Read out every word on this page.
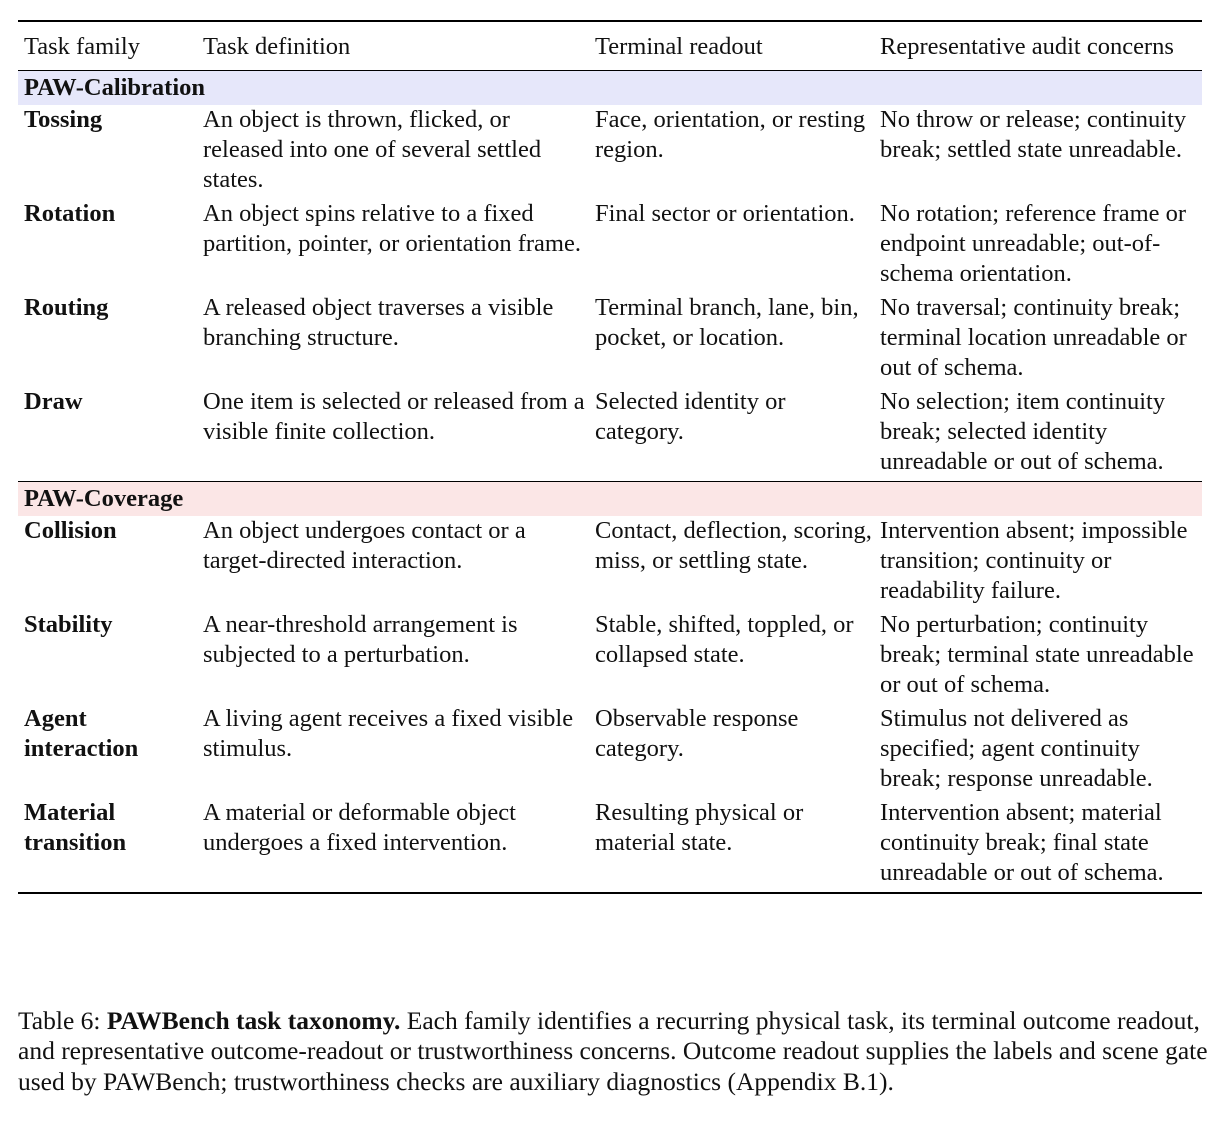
Task family	Task definition	Terminal readout	Representative audit concerns
PAW-Calibration			
Tossing	An object is thrown, flicked, or released into one of several settled states.	Face, orientation, or resting region.	No throw or release; continuity break; settled state unreadable.
Rotation	An object spins relative to a fixed partition, pointer, or orientation frame.	Final sector or orientation.	No rotation; reference frame or endpoint unreadable; out-of-schema orientation.
Routing	A released object traverses a visible branching structure.	Terminal branch, lane, bin, pocket, or location.	No traversal; continuity break; terminal location unreadable or out of schema.
Draw	One item is selected or released from a visible finite collection.	Selected identity or category.	No selection; item continuity break; selected identity unreadable or out of schema.

PAW-Coverage			
Collision	An object undergoes contact or a target-directed interaction.	Contact, deflection, scoring, miss, or settling state.	Intervention absent; impossible transition; continuity or readability failure.
Stability	A near-threshold arrangement is subjected to a perturbation.	Stable, shifted, toppled, or collapsed state.	No perturbation; continuity break; terminal state unreadable or out of schema.
Agent interaction	A living agent receives a fixed visible stimulus.	Observable response category.	Stimulus not delivered as specified; agent continuity break; response unreadable.
Material transition	A material or deformable object undergoes a fixed intervention.	Resulting physical or material state.	Intervention absent; material continuity break; final state unreadable or out of schema.

Table 6: PAWBench task taxonomy. Each family identifies a recurring physical task, its terminal outcome readout, and representative outcome-readout or trustworthiness concerns. Outcome readout supplies the labels and scene gate used by PAWBench; trustworthiness checks are auxiliary diagnostics (Appendix B.1).
